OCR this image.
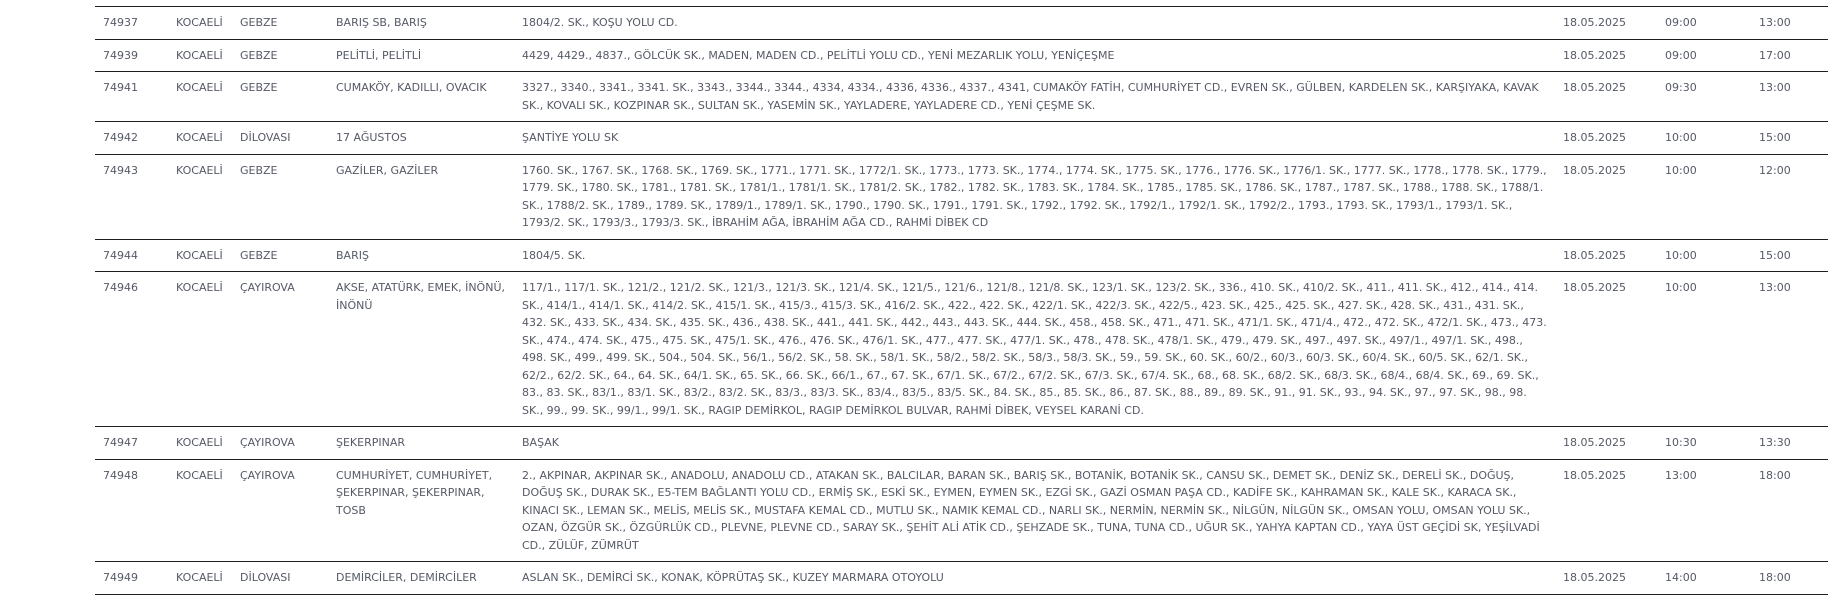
74937	KOCAELİ	GEBZE	BARIŞ SB, BARIŞ	1804/2. SK., KOŞU YOLU CD.	18.05.2025	09:00	13:00

74939	KOCAELİ	GEBZE	PELİTLİ, PELİTLİ	4429, 4429., 4837., GÖLCÜK SK., MADEN, MADEN CD., PELİTLİ YOLU CD., YENİ MEZARLIK YOLU, YENİÇEŞME	18.05.2025	09:00	17:00

74941	KOCAELİ	GEBZE	CUMAKÖY, KADILLI, OVACIK	3327., 3340., 3341., 3341. SK., 3343., 3344., 3344., 4334, 4334., 4336, 4336., 4337., 4341, CUMAKÖY FATİH, CUMHURİYET CD., EVREN SK., GÜLBEN, KARDELEN SK., KARŞIYAKA, KAVAK SK., KOVALI SK., KOZPINAR SK., SULTAN SK., YASEMİN SK., YAYLADERE, YAYLADERE CD., YENİ ÇEŞME SK.	18.05.2025	09:30	13:00

74942	KOCAELİ	DİLOVASI	17 AĞUSTOS	ŞANTİYE YOLU SK	18.05.2025	10:00	15:00

74943	KOCAELİ	GEBZE	GAZİLER, GAZİLER	1760. SK., 1767. SK., 1768. SK., 1769. SK., 1771., 1771. SK., 1772/1. SK., 1773., 1773. SK., 1774., 1774. SK., 1775. SK., 1776., 1776. SK., 1776/1. SK., 1777. SK., 1778., 1778. SK., 1779., 1779. SK., 1780. SK., 1781., 1781. SK., 1781/1., 1781/1. SK., 1781/2. SK., 1782., 1782. SK., 1783. SK., 1784. SK., 1785., 1785. SK., 1786. SK., 1787., 1787. SK., 1788., 1788. SK., 1788/1. SK., 1788/2. SK., 1789., 1789. SK., 1789/1., 1789/1. SK., 1790., 1790. SK., 1791., 1791. SK., 1792., 1792. SK., 1792/1., 1792/1. SK., 1792/2., 1793., 1793. SK., 1793/1., 1793/1. SK., 1793/2. SK., 1793/3., 1793/3. SK., İBRAHİM AĞA, İBRAHİM AĞA CD., RAHMİ DİBEK CD	18.05.2025	10:00	12:00

74944	KOCAELİ	GEBZE	BARIŞ	1804/5. SK.	18.05.2025	10:00	15:00

74946	KOCAELİ	ÇAYIROVA	AKSE, ATATÜRK, EMEK, İNÖNÜ, İNÖNÜ	117/1., 117/1. SK., 121/2., 121/2. SK., 121/3., 121/3. SK., 121/4. SK., 121/5., 121/6., 121/8., 121/8. SK., 123/1. SK., 123/2. SK., 336., 410. SK., 410/2. SK., 411., 411. SK., 412., 414., 414. SK., 414/1., 414/1. SK., 414/2. SK., 415/1. SK., 415/3., 415/3. SK., 416/2. SK., 422., 422. SK., 422/1. SK., 422/3. SK., 422/5., 423. SK., 425., 425. SK., 427. SK., 428. SK., 431., 431. SK., 432. SK., 433. SK., 434. SK., 435. SK., 436., 438. SK., 441., 441. SK., 442., 443., 443. SK., 444. SK., 458., 458. SK., 471., 471. SK., 471/1. SK., 471/4., 472., 472. SK., 472/1. SK., 473., 473. SK., 474., 474. SK., 475., 475. SK., 475/1. SK., 476., 476. SK., 476/1. SK., 477., 477. SK., 477/1. SK., 478., 478. SK., 478/1. SK., 479., 479. SK., 497., 497. SK., 497/1., 497/1. SK., 498., 498. SK., 499., 499. SK., 504., 504. SK., 56/1., 56/2. SK., 58. SK., 58/1. SK., 58/2., 58/2. SK., 58/3., 58/3. SK., 59., 59. SK., 60. SK., 60/2., 60/3., 60/3. SK., 60/4. SK., 60/5. SK., 62/1. SK., 62/2., 62/2. SK., 64., 64. SK., 64/1. SK., 65. SK., 66. SK., 66/1., 67., 67. SK., 67/1. SK., 67/2., 67/2. SK., 67/3. SK., 67/4. SK., 68., 68. SK., 68/2. SK., 68/3. SK., 68/4., 68/4. SK., 69., 69. SK., 83., 83. SK., 83/1., 83/1. SK., 83/2., 83/2. SK., 83/3., 83/3. SK., 83/4., 83/5., 83/5. SK., 84. SK., 85., 85. SK., 86., 87. SK., 88., 89., 89. SK., 91., 91. SK., 93., 94. SK., 97., 97. SK., 98., 98. SK., 99., 99. SK., 99/1., 99/1. SK., RAGIP DEMİRKOL, RAGIP DEMİRKOL BULVAR, RAHMİ DİBEK, VEYSEL KARANİ CD.	18.05.2025	10:00	13:00

74947	KOCAELİ	ÇAYIROVA	ŞEKERPINAR	BAŞAK	18.05.2025	10:30	13:30

74948	KOCAELİ	ÇAYIROVA	CUMHURİYET, CUMHURİYET, ŞEKERPINAR, ŞEKERPINAR, TOSB	2., AKPINAR, AKPINAR SK., ANADOLU, ANADOLU CD., ATAKAN SK., BALCILAR, BARAN SK., BARIŞ SK., BOTANİK, BOTANİK SK., CANSU SK., DEMET SK., DENİZ SK., DERELİ SK., DOĞUŞ, DOĞUŞ SK., DURAK SK., E5-TEM BAĞLANTI YOLU CD., ERMİŞ SK., ESKİ SK., EYMEN, EYMEN SK., EZGİ SK., GAZİ OSMAN PAŞA CD., KADİFE SK., KAHRAMAN SK., KALE SK., KARACA SK., KINACI SK., LEMAN SK., MELİS, MELİS SK., MUSTAFA KEMAL CD., MUTLU SK., NAMIK KEMAL CD., NARLI SK., NERMİN, NERMİN SK., NİLGÜN, NİLGÜN SK., OMSAN YOLU, OMSAN YOLU SK., OZAN, ÖZGÜR SK., ÖZGÜRLÜK CD., PLEVNE, PLEVNE CD., SARAY SK., ŞEHİT ALİ ATİK CD., ŞEHZADE SK., TUNA, TUNA CD., UĞUR SK., YAHYA KAPTAN CD., YAYA ÜST GEÇİDİ SK, YEŞİLVADİ CD., ZÜLÜF, ZÜMRÜT	18.05.2025	13:00	18:00

74949	KOCAELİ	DİLOVASI	DEMİRCİLER, DEMİRCİLER	ASLAN SK., DEMİRCİ SK., KONAK, KÖPRÜTAŞ SK., KUZEY MARMARA OTOYOLU	18.05.2025	14:00	18:00
